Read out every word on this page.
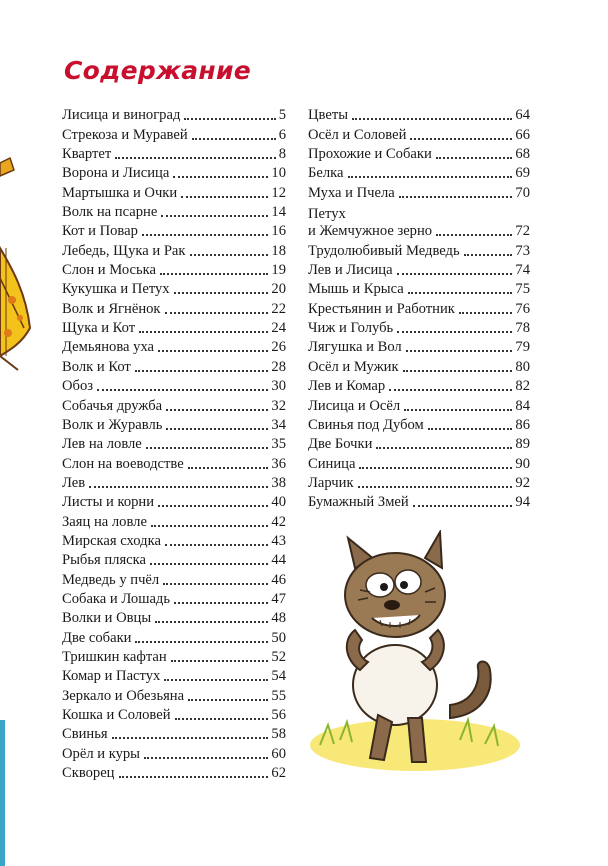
Содержание
Лисица и виноград	5
Стрекоза и Муравей	6
Квартет	8
Ворона и Лисица	10
Мартышка и Очки	12
Волк на псарне	14
Кот и Повар	16
Лебедь, Щука и Рак	18
Слон и Моська	19
Кукушка и Петух	20
Волк и Ягнёнок	22
Щука и Кот	24
Демьянова уха	26
Волк и Кот	28
Обоз	30
Собачья дружба	32
Волк и Журавль	34
Лев на ловле	35
Слон на воеводстве	36
Лев	38
Листы и корни	40
Заяц на ловле	42
Мирская сходка	43
Рыбья пляска	44
Медведь у пчёл	46
Собака и Лошадь	47
Волки и Овцы	48
Две собаки	50
Тришкин кафтан	52
Комар и Пастух	54
Зеркало и Обезьяна	55
Кошка и Соловей	56
Свинья	58
Орёл и куры	60
Скворец	62
Цветы	64
Осёл и Соловей	66
Прохожие и Собаки	68
Белка	69
Муха и Пчела	70
Петух
и Жемчужное зерно	72
Трудолюбивый Медведь	73
Лев и Лисица	74
Мышь и Крыса	75
Крестьянин и Работник	76
Чиж и Голубь	78
Лягушка и Вол	79
Осёл и Мужик	80
Лев и Комар	82
Лисица и Осёл	84
Свинья под Дубом	86
Две Бочки	89
Синица	90
Ларчик	92
Бумажный Змей	94
